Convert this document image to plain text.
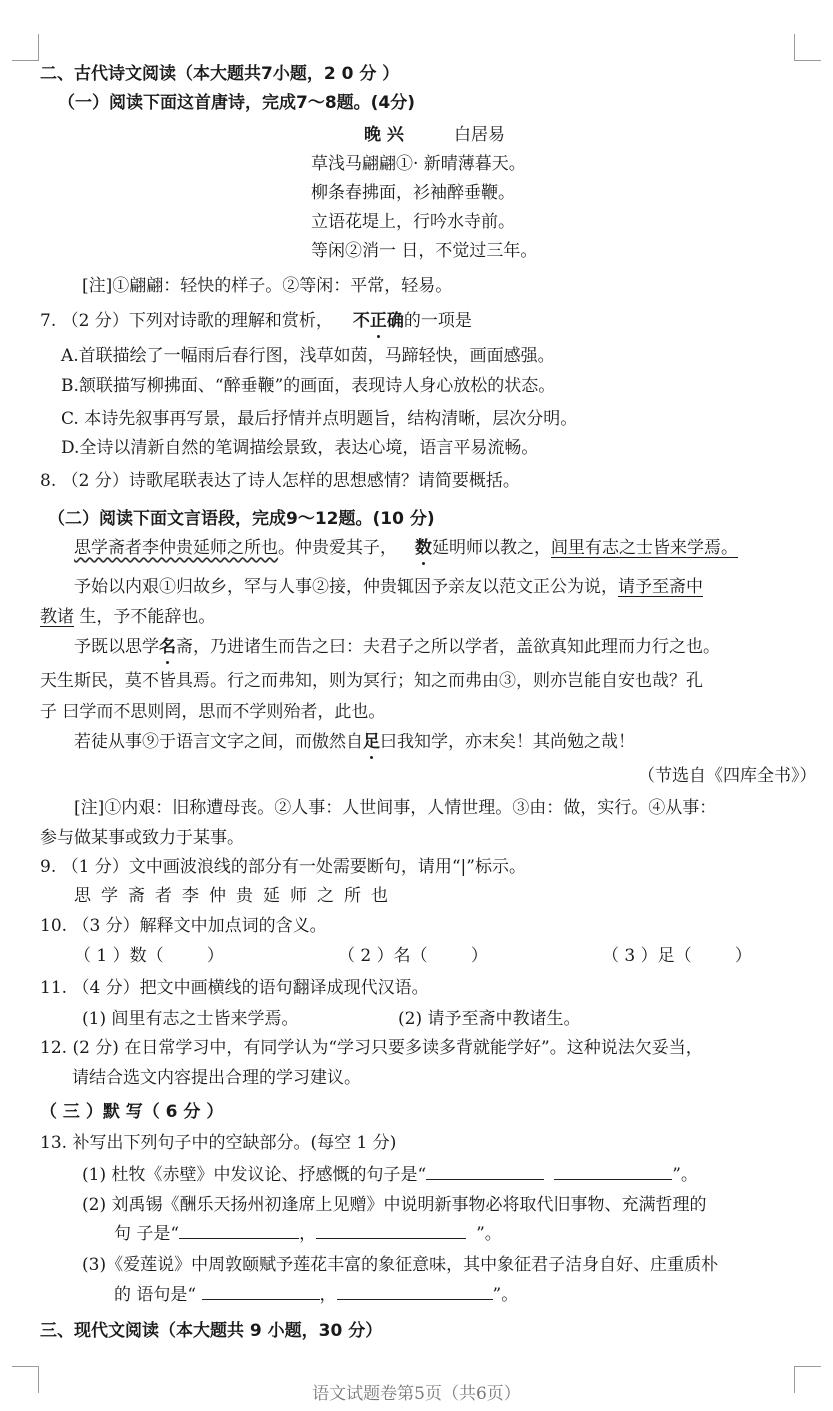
二、古代诗文阅读（本大题共7小题，2 0 分 ）
（一）阅读下面这首唐诗，完成7～8题。(4分)
晚 兴	白居易
草浅马翩翩①· 新晴薄暮天。
柳条春拂面，衫袖醉垂鞭。
立语花堤上，行吟水寺前。
等闲②消一 日，不觉过三年。
[注]①翩翩：轻快的样子。②等闲：平常，轻易。
7. （2 分）下列对诗歌的理解和赏析， 不正确的一项是
A.首联描绘了一幅雨后春行图，浅草如茵，马蹄轻快，画面感强。
B.颔联描写柳拂面、“醉垂鞭”的画面，表现诗人身心放松的状态。
C. 本诗先叙事再写景，最后抒情并点明题旨，结构清晰，层次分明。
D.全诗以清新自然的笔调描绘景致，表达心境，语言平易流畅。
8. （2 分）诗歌尾联表达了诗人怎样的思想感情？请简要概括。
（二）阅读下面文言语段，完成9～12题。(10 分)
思学斋者李仲贵延师之所也。仲贵爱其子， 数延明师以教之，闾里有志之士皆来学焉。
予始以内艰①归故乡，罕与人事②接，仲贵辄因予亲友以范文正公为说，请予至斋中
教诸 生，予不能辞也。
予既以思学名斋，乃进诸生而告之曰：夫君子之所以学者，盖欲真知此理而力行之也。
天生斯民，莫不皆具焉。行之而弗知，则为冥行；知之而弗由③，则亦岂能自安也哉？孔
子 曰学而不思则罔，思而不学则殆者，此也。
若徒从事⑨于语言文字之间，而傲然自足曰我知学，亦末矣！其尚勉之哉！
（节选自《四库全书》）
[注]①内艰：旧称遭母丧。②人事：人世间事，人情世理。③由：做，实行。④从事：
参与做某事或致力于某事。
9. （1 分）文中画波浪线的部分有一处需要断句，请用“|”标示。
思学斋者李仲贵延师之所也
10. （3 分）解释文中加点词的含义。
（ 1 ）数（        ）	（ 2 ）名（        ）	（ 3 ）足（        ）
11. （4 分）把文中画横线的语句翻译成现代汉语。
(1) 闾里有志之士皆来学焉。	(2) 请予至斋中教诸生。
12. (2 分) 在日常学习中，有同学认为“学习只要多读多背就能学好”。这种说法欠妥当，
请结合选文内容提出合理的学习建议。
（ 三 ）默 写（ 6 分 ）
13. 补写出下列句子中的空缺部分。(每空 1 分)
(1) 杜牧《赤壁》中发议论、抒感慨的句子是“	”。
(2) 刘禹锡《酬乐天扬州初逢席上见赠》中说明新事物必将取代旧事物、充满哲理的
句 子是“	，	”。
(3)《爱莲说》中周敦颐赋予莲花丰富的象征意味，其中象征君子洁身自好、庄重质朴
的 语句是“	，	”。
三、现代文阅读（本大题共 9 小题，30 分）
语文试题卷第5页（共6页）
